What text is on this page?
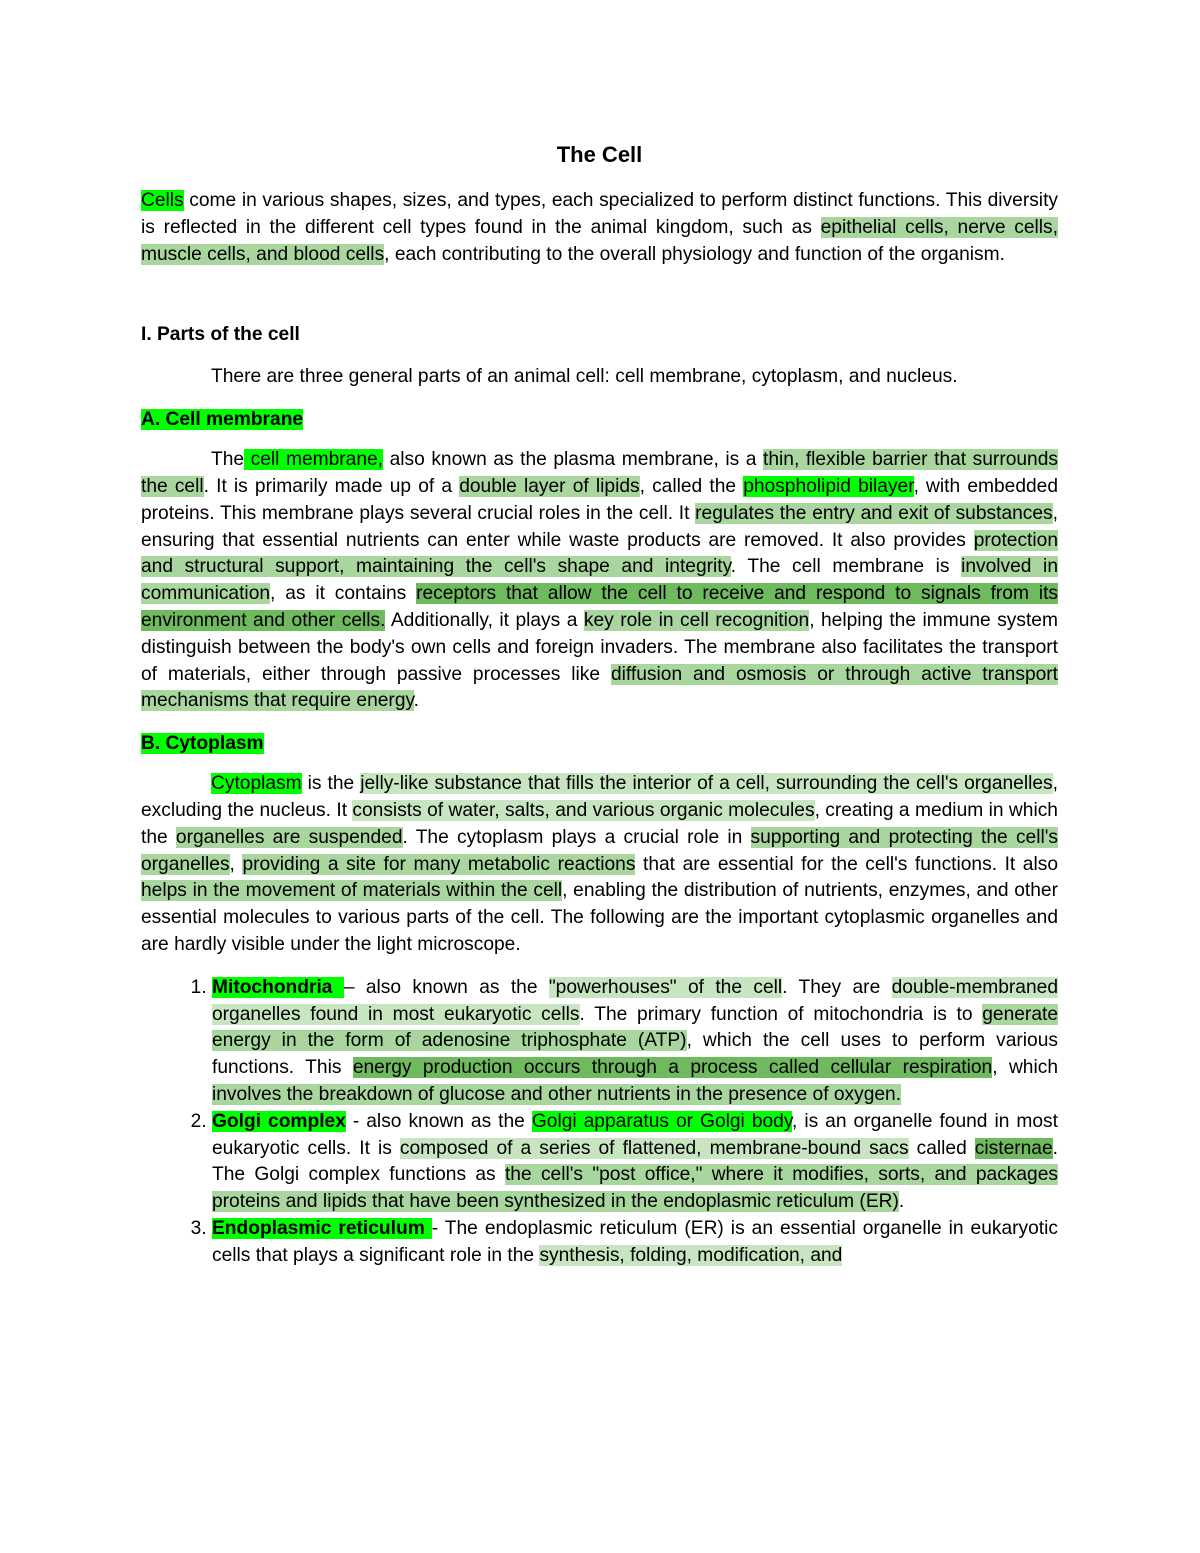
The Cell

Cells come in various shapes, sizes, and types, each specialized to perform distinct functions. This diversity is reflected in the different cell types found in the animal kingdom, such as epithelial cells, nerve cells, muscle cells, and blood cells, each contributing to the overall physiology and function of the organism.

I. Parts of the cell

There are three general parts of an animal cell: cell membrane, cytoplasm, and nucleus.

A. Cell membrane

The cell membrane, also known as the plasma membrane, is a thin, flexible barrier that surrounds the cell. It is primarily made up of a double layer of lipids, called the phospholipid bilayer, with embedded proteins. This membrane plays several crucial roles in the cell. It regulates the entry and exit of substances, ensuring that essential nutrients can enter while waste products are removed. It also provides protection and structural support, maintaining the cell's shape and integrity. The cell membrane is involved in communication, as it contains receptors that allow the cell to receive and respond to signals from its environment and other cells. Additionally, it plays a key role in cell recognition, helping the immune system distinguish between the body's own cells and foreign invaders. The membrane also facilitates the transport of materials, either through passive processes like diffusion and osmosis or through active transport mechanisms that require energy.

B. Cytoplasm

Cytoplasm is the jelly-like substance that fills the interior of a cell, surrounding the cell's organelles, excluding the nucleus. It consists of water, salts, and various organic molecules, creating a medium in which the organelles are suspended. The cytoplasm plays a crucial role in supporting and protecting the cell's organelles, providing a site for many metabolic reactions that are essential for the cell's functions. It also helps in the movement of materials within the cell, enabling the distribution of nutrients, enzymes, and other essential molecules to various parts of the cell. The following are the important cytoplasmic organelles and are hardly visible under the light microscope.

1. Mitochondria – also known as the "powerhouses" of the cell. They are double-membraned organelles found in most eukaryotic cells. The primary function of mitochondria is to generate energy in the form of adenosine triphosphate (ATP), which the cell uses to perform various functions. This energy production occurs through a process called cellular respiration, which involves the breakdown of glucose and other nutrients in the presence of oxygen.
2. Golgi complex - also known as the Golgi apparatus or Golgi body, is an organelle found in most eukaryotic cells. It is composed of a series of flattened, membrane-bound sacs called cisternae. The Golgi complex functions as the cell's "post office," where it modifies, sorts, and packages proteins and lipids that have been synthesized in the endoplasmic reticulum (ER).
3. Endoplasmic reticulum - The endoplasmic reticulum (ER) is an essential organelle in eukaryotic cells that plays a significant role in the synthesis, folding, modification, and
